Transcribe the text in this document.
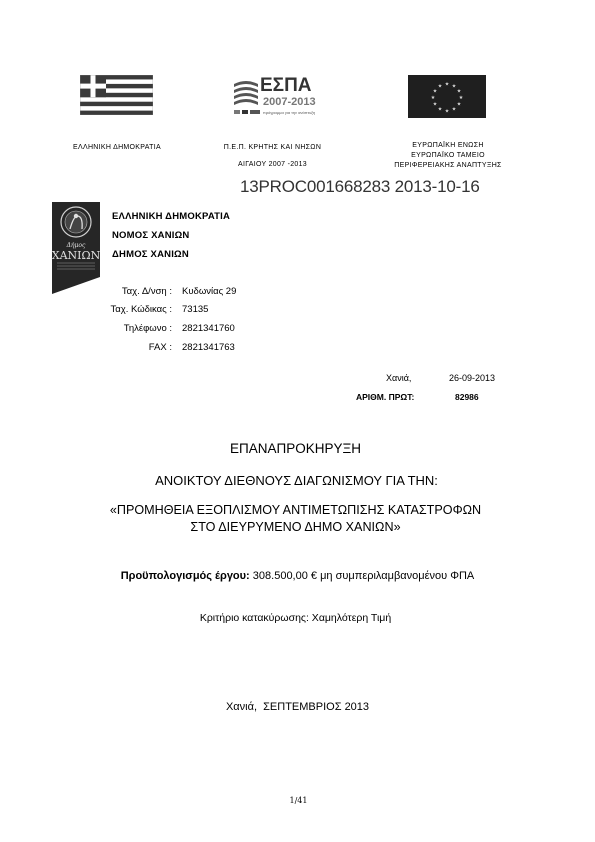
ΕΣΠΑ
2007-2013
πρόγραμμα για την ανάπτυξη
★ ★
★
★
★
★
★
★
★
★
★
★
ΕΛΛΗΝΙΚΗ ΔΗΜΟΚΡΑΤΙΑ	Π.Ε.Π. ΚΡΗΤΗΣ ΚΑΙ ΝΗΣΩΝ
ΑΙΓΑΙΟΥ 2007 -2013
ΕΥΡΩΠΑΪΚΗ ΕΝΩΣΗ
ΕΥΡΩΠΑΪΚΟ ΤΑΜΕΙΟ
ΠΕΡΙΦΕΡΕΙΑΚΗΣ ΑΝΑΠΤΥΞΗΣ
13PROC001668283 2013-10-16
Δήμος
ΧΑΝΙΩΝ
ΕΛΛΗΝΙΚΗ ΔΗΜΟΚΡΑΤΙΑ
ΝΟΜΟΣ ΧΑΝΙΩΝ
ΔΗΜΟΣ ΧΑΝΙΩΝ
Ταχ. Δ/νση : Κυδωνίας 29
Ταχ. Κώδικας : 73135
Τηλέφωνο : 2821341760
FAX : 2821341763
Χανιά,	26-09-2013
ΑΡΙΘΜ. ΠΡΩΤ:	82986
ΕΠΑΝΑΠΡΟΚΗΡΥΞΗ
ΑΝΟΙΚΤΟΥ ΔΙΕΘΝΟΥΣ ΔΙΑΓΩΝΙΣΜΟΥ ΓΙΑ ΤΗΝ:
«ΠΡΟΜΗΘΕΙΑ ΕΞΟΠΛΙΣΜΟΥ ΑΝΤΙΜΕΤΩΠΙΣΗΣ ΚΑΤΑΣΤΡΟΦΩΝ
ΣΤΟ ΔΙΕΥΡΥΜΕΝΟ ΔΗΜΟ ΧΑΝΙΩΝ»
Προϋπολογισμός έργου: 308.500,00 € μη συμπεριλαμβανομένου ΦΠΑ
Κριτήριο κατακύρωσης: Χαμηλότερη Τιμή
Χανιά,  ΣΕΠΤΕΜΒΡΙΟΣ 2013
1/41
